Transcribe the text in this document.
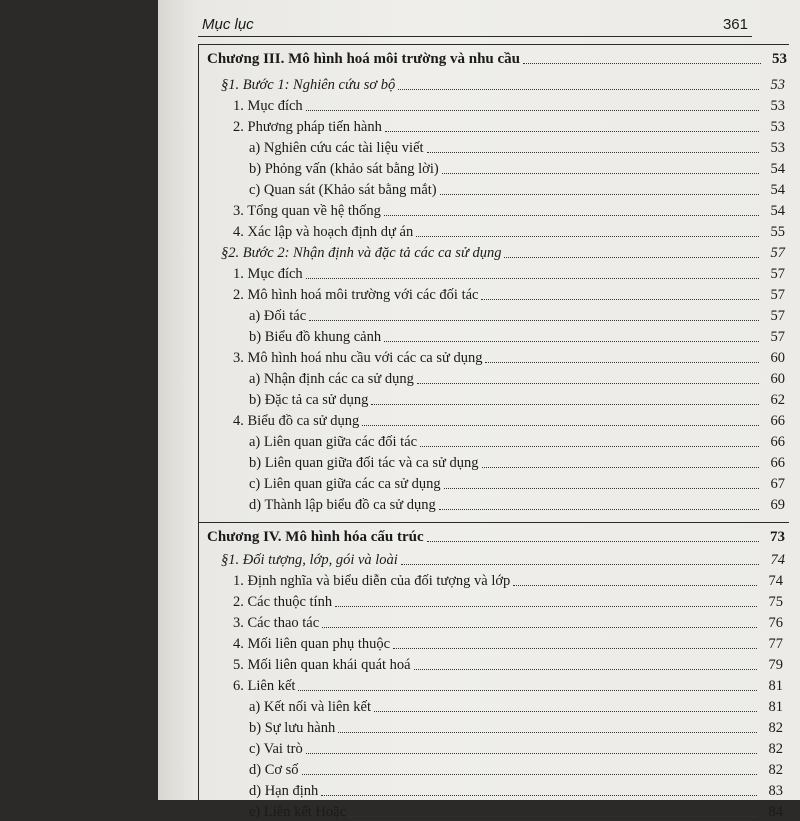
Mục lục	361
Chương III. Mô hình hoá môi trường và nhu cầu	53
§1. Bước 1: Nghiên cứu sơ bộ	53
1. Mục đích	53
2. Phương pháp tiến hành	53
a) Nghiên cứu các tài liệu viết	53
b) Phỏng vấn (khảo sát bằng lời)	54
c) Quan sát (Khảo sát bằng mắt)	54
3. Tổng quan về hệ thống	54
4. Xác lập và hoạch định dự án	55
§2. Bước 2: Nhận định và đặc tả các ca sử dụng	57
1. Mục đích	57
2. Mô hình hoá môi trường với các đối tác	57
a) Đối tác	57
b) Biểu đồ khung cảnh	57
3. Mô hình hoá nhu cầu với các ca sử dụng	60
a) Nhận định các ca sử dụng	60
b) Đặc tả ca sử dụng	62
4. Biểu đồ ca sử dụng	66
a) Liên quan giữa các đối tác	66
b) Liên quan giữa đối tác và ca sử dụng	66
c) Liên quan giữa các ca sử dụng	67
d) Thành lập biểu đồ ca sử dụng	69
Chương IV. Mô hình hóa cấu trúc	73
§1. Đối tượng, lớp, gói và loài	74
1. Định nghĩa và biểu diễn của đối tượng và lớp	74
2. Các thuộc tính	75
3. Các thao tác	76
4. Mối liên quan phụ thuộc	77
5. Mối liên quan khái quát hoá	79
6. Liên kết	81
a) Kết nối và liên kết	81
b) Sự lưu hành	82
c) Vai trò	82
d) Cơ số	82
d) Hạn định	83
e) Liên kết Hoặc	84
